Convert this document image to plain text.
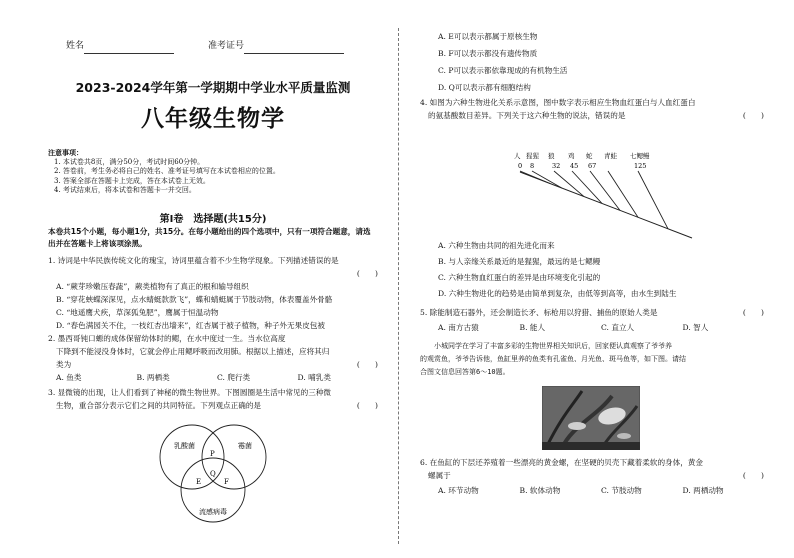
姓名	准考证号
2023-2024学年第一学期期中学业水平质量监测
八年级生物学
注意事项：
1. 本试卷共8页，满分50分，考试时间60分钟。
2. 答卷前，考生务必将自己的姓名、准考证号填写在本试卷相应的位置。
3. 答案全部在答题卡上完成，答在本试卷上无效。
4. 考试结束后，将本试卷和答题卡一并交回。
第Ⅰ卷　选择题(共15分)
本卷共15个小题，每小题1分，共15分。在每小题给出的四个选项中，只有一项符合题意，请选出并在答题卡上将该项涂黑。
1. 诗词是中华民族传统文化的瑰宝，诗词里蕴含着不少生物学现象。下列描述错误的是
(　　)
A. “蕨芽珍嫩压春蔬”，蕨类植物有了真正的根和输导组织
B. “穿花蛱蝶深深见，点水蜻蜓款款飞”，蝶和蜻蜓属于节肢动物，体表覆盖外骨骼
C. “地遥鹰犬疾，草深狐兔肥”，鹰属于恒温动物
D. “春色满园关不住，一枝红杏出墙来”，红杏属于被子植物，种子外无果皮包被
2. 墨西哥钝口螈的成体保留幼体时的鳃，在水中度过一生。当水位高度
下降到不能浸没身体时，它就会停止用鳃呼吸而改用肺。根据以上描述，应将其归
类为	(　　)
A. 鱼类	B. 两栖类	C. 爬行类	D. 哺乳类
3. 显微镜的出现，让人们看到了神秘的微生物世界。下图圆圈是生活中常见的三种微
生物，重合部分表示它们之间的共同特征。下列观点正确的是	(　　)
乳酸菌	霉菌
流感病毒
P
Q
E	F
A. E可以表示都属于原核生物
B. F可以表示都没有遗传物质
C. P可以表示都依靠现成的有机物生活
D. Q可以表示都有细胞结构
4. 如图为六种生物进化关系示意图，图中数字表示相应生物血红蛋白与人血红蛋白
的氨基酸数目差异。下列关于这六种生物的说法，错误的是	(　　)
人 猩猩 狼 鸡 蛇 青蛙 七鳃鳗
0 8	32 45 67	125
A. 六种生物由共同的祖先进化而来
B. 与人亲缘关系最近的是猩猩，最远的是七鳃鳗
C. 六种生物血红蛋白的差异是由环境变化引起的
D. 六种生物进化的趋势是由简单到复杂，由低等到高等，由水生到陆生
5. 除能制造石器外，还会制造长矛、标枪用以狩猎、捕鱼的原始人类是	(　　)
A. 南方古猿	B. 能人	C. 直立人	D. 智人
小城同学在学习了丰富多彩的生物世界相关知识后，回家便认真观察了爷爷养
的观赏鱼，爷爷告诉他，鱼缸里养的鱼类有孔雀鱼、月光鱼、斑马鱼等，如下图。请结
合图文信息回答第6～10题。
6. 在鱼缸的下层还养殖着一些漂亮的黄金螺，在坚硬的贝壳下藏着柔软的身体，黄金
螺属于	(　　)
A. 环节动物	B. 软体动物	C. 节肢动物	D. 两栖动物
